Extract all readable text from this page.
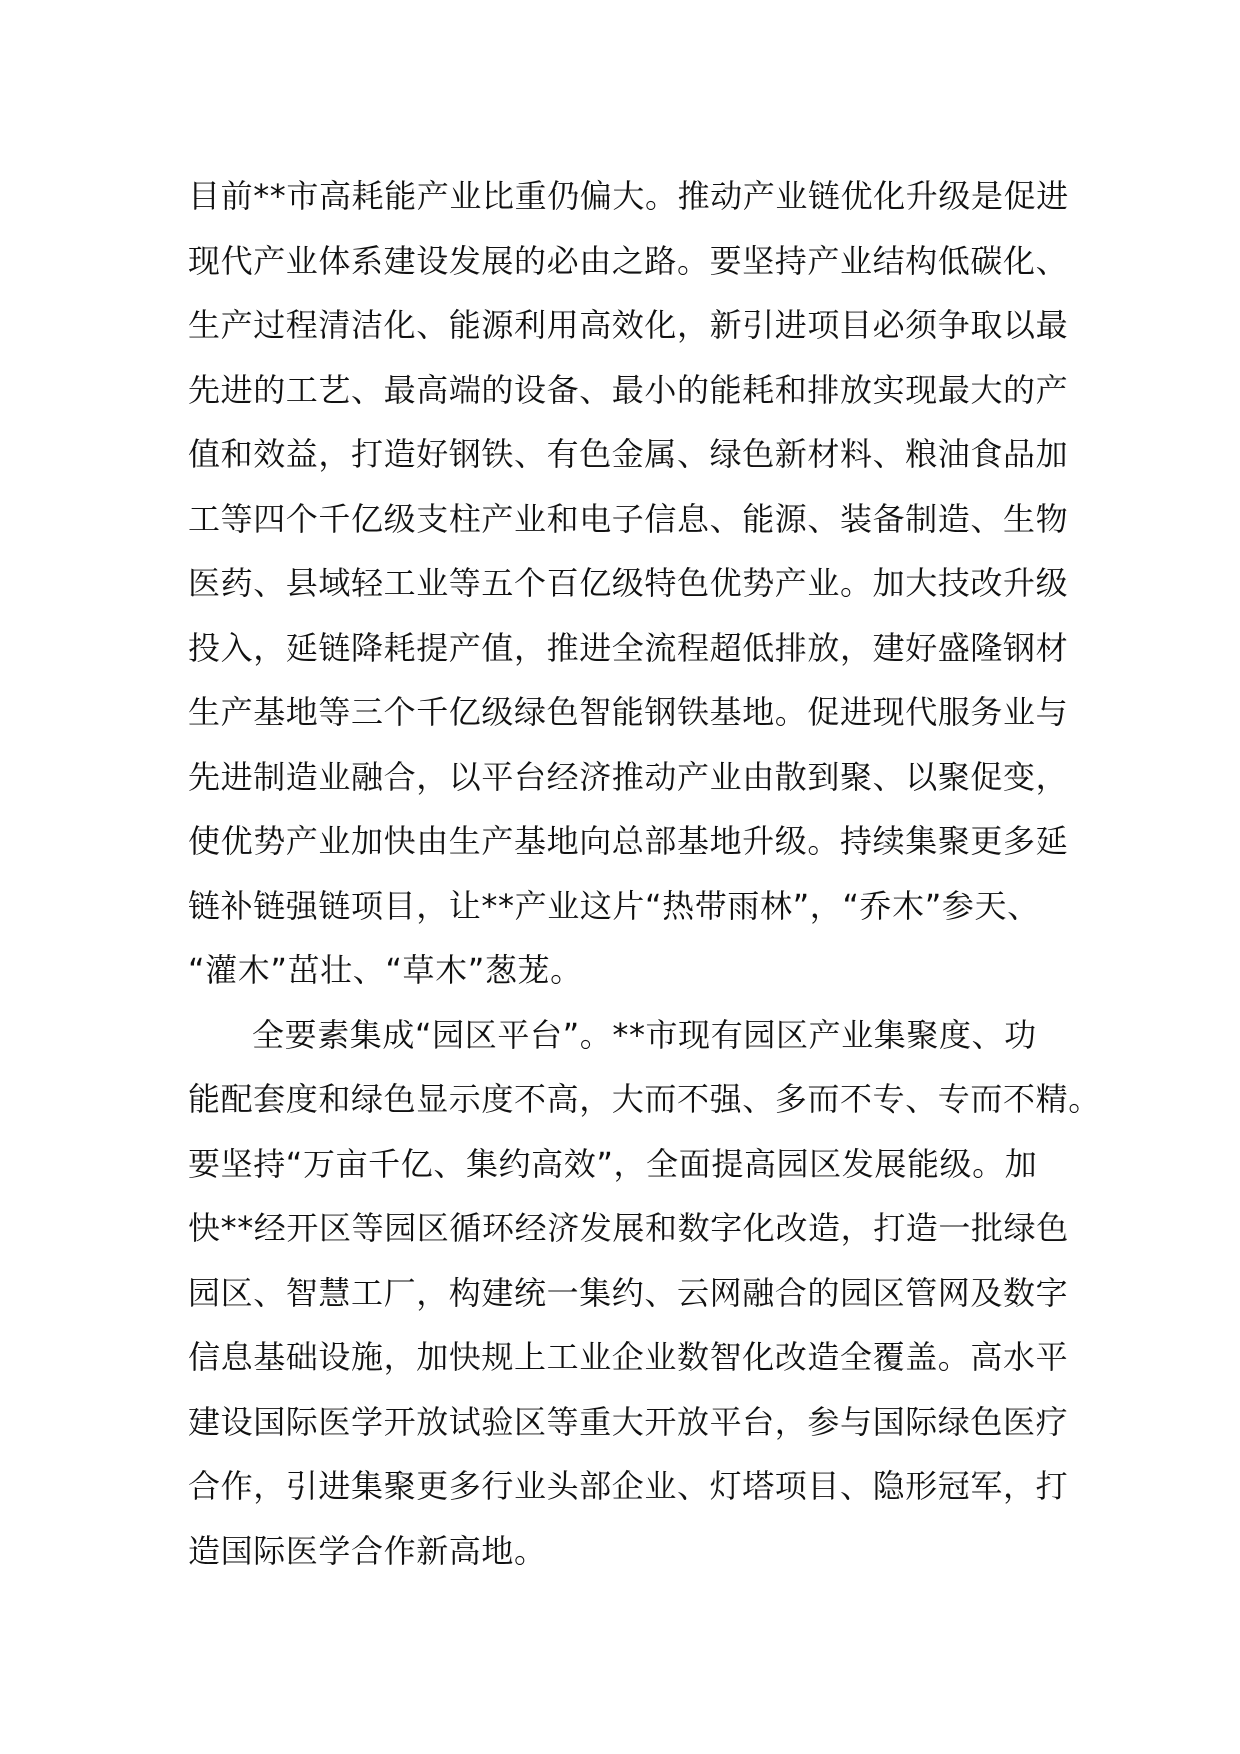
目前**市高耗能产业比重仍偏大。推动产业链优化升级是促进
现代产业体系建设发展的必由之路。要坚持产业结构低碳化、
生产过程清洁化、能源利用高效化，新引进项目必须争取以最
先进的工艺、最高端的设备、最小的能耗和排放实现最大的产
值和效益，打造好钢铁、有色金属、绿色新材料、粮油食品加
工等四个千亿级支柱产业和电子信息、能源、装备制造、生物
医药、县域轻工业等五个百亿级特色优势产业。加大技改升级
投入，延链降耗提产值，推进全流程超低排放，建好盛隆钢材
生产基地等三个千亿级绿色智能钢铁基地。促进现代服务业与
先进制造业融合，以平台经济推动产业由散到聚、以聚促变，
使优势产业加快由生产基地向总部基地升级。持续集聚更多延
链补链强链项目，让**产业这片“热带雨林”，“乔木”参天、
“灌木”茁壮、“草木”葱茏。
全要素集成“园区平台”。**市现有园区产业集聚度、功
能配套度和绿色显示度不高，大而不强、多而不专、专而不精。
要坚持“万亩千亿、集约高效”，全面提高园区发展能级。加
快**经开区等园区循环经济发展和数字化改造，打造一批绿色
园区、智慧工厂，构建统一集约、云网融合的园区管网及数字
信息基础设施，加快规上工业企业数智化改造全覆盖。高水平
建设国际医学开放试验区等重大开放平台，参与国际绿色医疗
合作，引进集聚更多行业头部企业、灯塔项目、隐形冠军，打
造国际医学合作新高地。
